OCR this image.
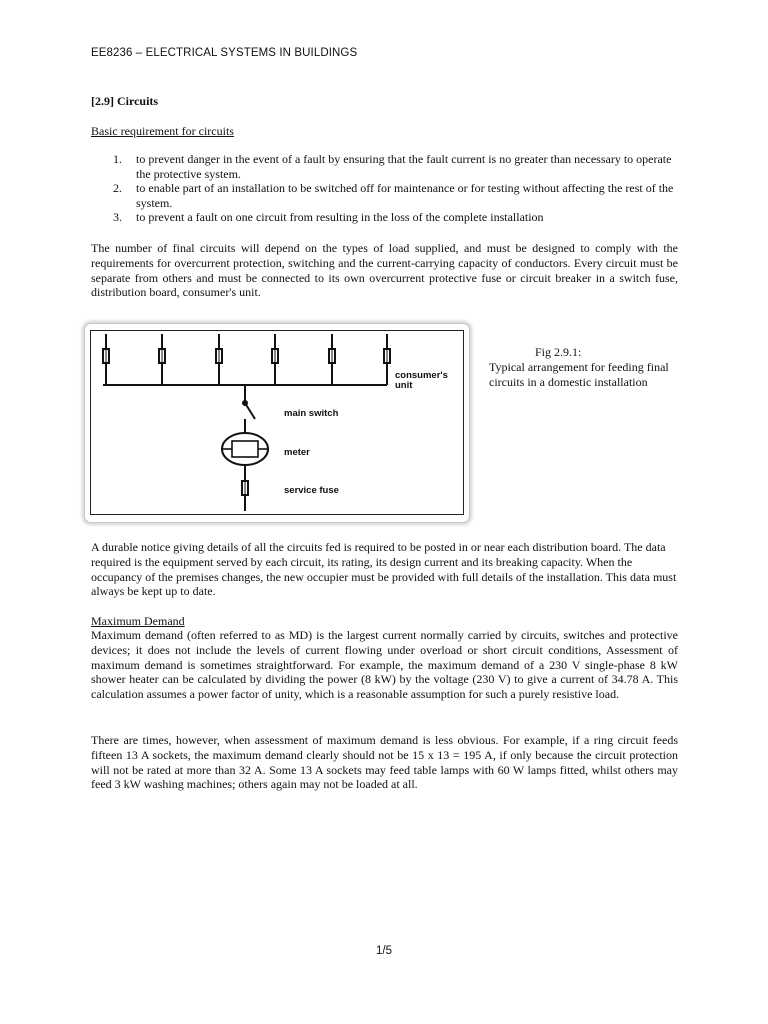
EE8236 – ELECTRICAL SYSTEMS IN BUILDINGS
[2.9] Circuits
Basic requirement for circuits
1. to prevent danger in the event of a fault by ensuring that the fault current is no greater than necessary to operate the protective system.
2. to enable part of an installation to be switched off for maintenance or for testing without affecting the rest of the system.
3. to prevent a fault on one circuit from resulting in the loss of the complete installation

The number of final circuits will depend on the types of load supplied, and must be designed to comply with the requirements for overcurrent protection, switching and the current-carrying capacity of conductors. Every circuit must be separate from others and must be connected to its own overcurrent protective fuse or circuit breaker in a switch fuse, distribution board, consumer's unit.

consumer's
unit
main switch
meter
service fuse
Fig 2.9.1:
Typical arrangement for feeding final circuits in a domestic installation

A durable notice giving details of all the circuits fed is required to be posted in or near each distribution board. The data required is the equipment served by each circuit, its rating, its design current and its breaking capacity. When the occupancy of the premises changes, the new occupier must be provided with full details of the installation. This data must always be kept up to date.

Maximum Demand

Maximum demand (often referred to as MD) is the largest current normally carried by circuits, switches and protective devices; it does not include the levels of current flowing under overload or short circuit conditions, Assessment of maximum demand is sometimes straightforward. For example, the maximum demand of a 230 V single-phase 8 kW shower heater can be calculated by dividing the power (8 kW) by the voltage (230 V) to give a current of 34.78 A. This calculation assumes a power factor of unity, which is a reasonable assumption for such a purely resistive load.

There are times, however, when assessment of maximum demand is less obvious. For example, if a ring circuit feeds fifteen 13 A sockets, the maximum demand clearly should not be 15 x 13 = 195 A, if only because the circuit protection will not be rated at more than 32 A. Some 13 A sockets may feed table lamps with 60 W lamps fitted, whilst others may feed 3 kW washing machines; others again may not be loaded at all.

1/5
